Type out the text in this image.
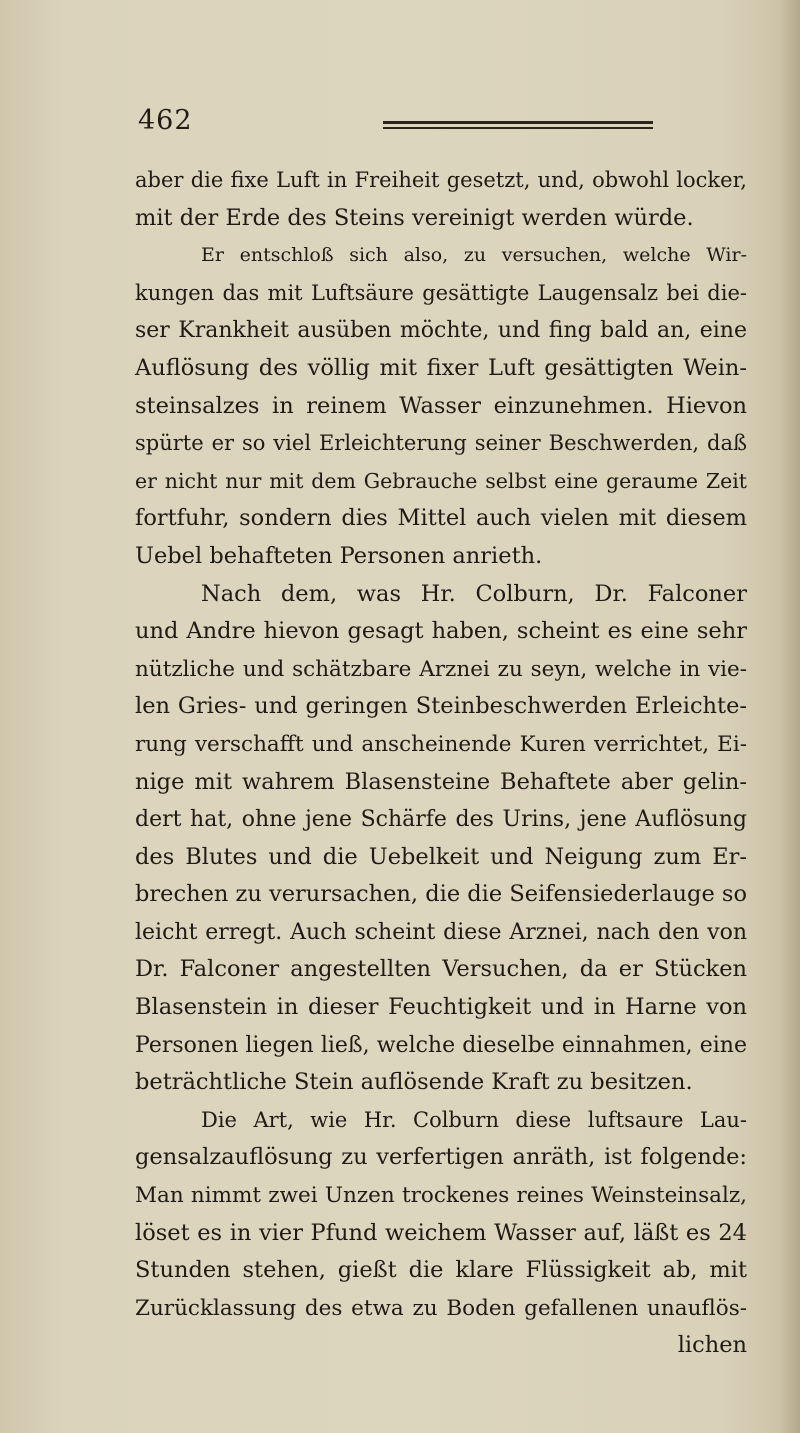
462
aber die fixe Luft in Freiheit gesetzt, und, obwohl locker,
mit der Erde des Steins vereinigt werden würde.
Er entschloß sich also, zu versuchen, welche Wir-
kungen das mit Luftsäure gesättigte Laugensalz bei die-
ser Krankheit ausüben möchte, und fing bald an, eine
Auflösung des völlig mit fixer Luft gesättigten Wein-
steinsalzes in reinem Wasser einzunehmen. Hievon
spürte er so viel Erleichterung seiner Beschwerden, daß
er nicht nur mit dem Gebrauche selbst eine geraume Zeit
fortfuhr, sondern dies Mittel auch vielen mit diesem
Uebel behafteten Personen anrieth.
Nach dem, was Hr. Colburn, Dr. Falconer
und Andre hievon gesagt haben, scheint es eine sehr
nützliche und schätzbare Arznei zu seyn, welche in vie-
len Gries- und geringen Steinbeschwerden Erleichte-
rung verschafft und anscheinende Kuren verrichtet, Ei-
nige mit wahrem Blasensteine Behaftete aber gelin-
dert hat, ohne jene Schärfe des Urins, jene Auflösung
des Blutes und die Uebelkeit und Neigung zum Er-
brechen zu verursachen, die die Seifensiederlauge so
leicht erregt. Auch scheint diese Arznei, nach den von
Dr. Falconer angestellten Versuchen, da er Stücken
Blasenstein in dieser Feuchtigkeit und in Harne von
Personen liegen ließ, welche dieselbe einnahmen, eine
beträchtliche Stein auflösende Kraft zu besitzen.
Die Art, wie Hr. Colburn diese luftsaure Lau-
gensalzauflösung zu verfertigen anräth, ist folgende:
Man nimmt zwei Unzen trockenes reines Weinsteinsalz,
löset es in vier Pfund weichem Wasser auf, läßt es 24
Stunden stehen, gießt die klare Flüssigkeit ab, mit
Zurücklassung des etwa zu Boden gefallenen unauflös-
lichen
